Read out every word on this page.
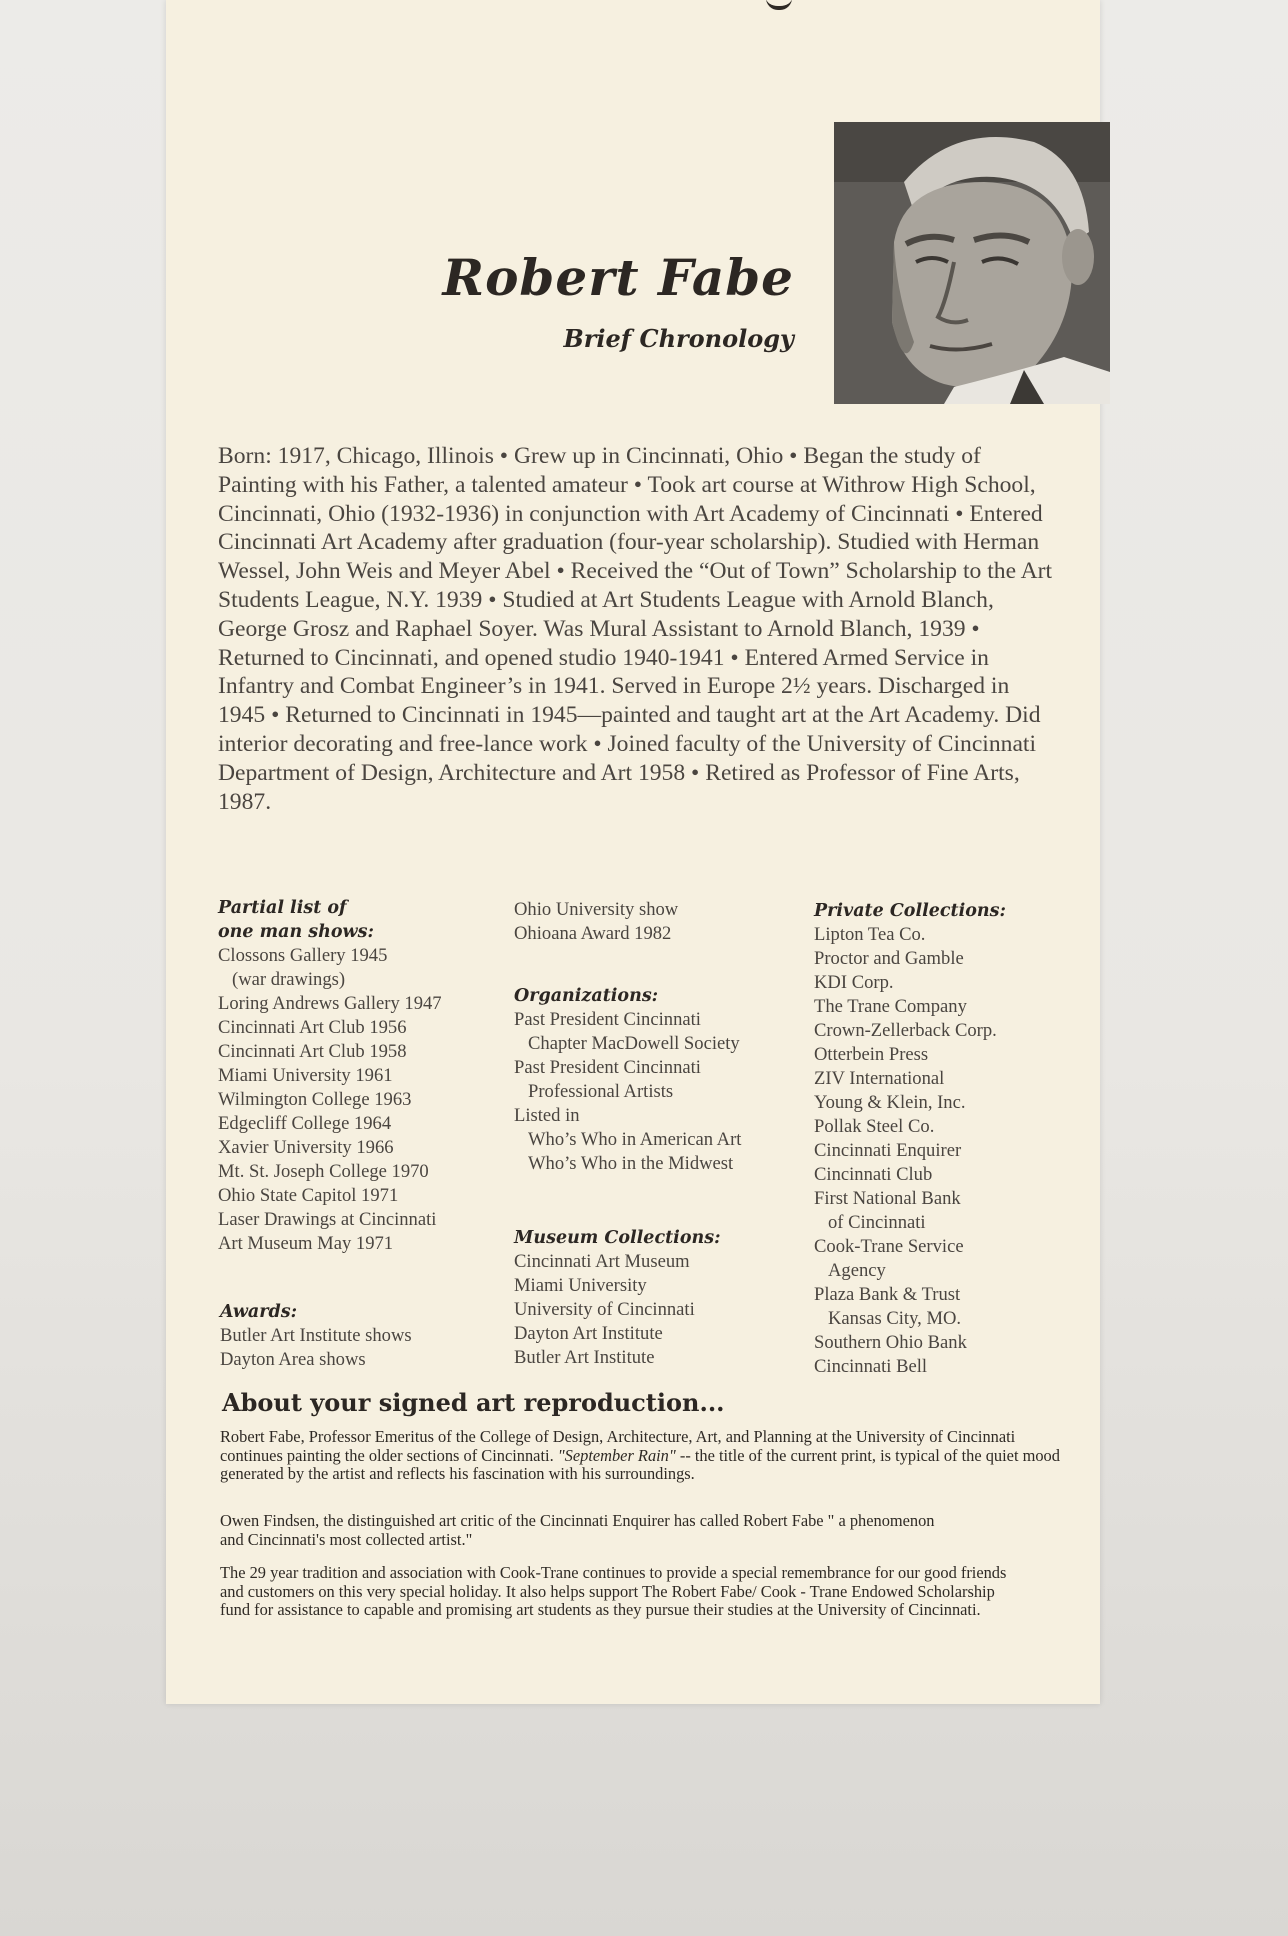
Robert Fabe
Brief Chronology

Born: 1917, Chicago, Illinois • Grew up in Cincinnati, Ohio • Began the study of Painting with his Father, a talented amateur • Took art course at Withrow High School, Cincinnati, Ohio (1932-1936) in conjunction with Art Academy of Cincinnati • Entered Cincinnati Art Academy after graduation (four-year scholarship). Studied with Herman Wessel, John Weis and Meyer Abel • Received the “Out of Town” Scholarship to the Art Students League, N.Y. 1939 • Studied at Art Students League with Arnold Blanch, George Grosz and Raphael Soyer. Was Mural Assistant to Arnold Blanch, 1939 • Returned to Cincinnati, and opened studio 1940-1941 • Entered Armed Service in Infantry and Combat Engineer’s in 1941. Served in Europe 2½ years. Discharged in 1945 • Returned to Cincinnati in 1945—painted and taught art at the Art Academy. Did interior decorating and free-lance work • Joined faculty of the University of Cincinnati Department of Design, Architecture and Art 1958 • Retired as Professor of Fine Arts, 1987.

Partial list of
one man shows:
Clossons Gallery 1945
(war drawings)
Loring Andrews Gallery 1947
Cincinnati Art Club 1956
Cincinnati Art Club 1958
Miami University 1961
Wilmington College 1963
Edgecliff College 1964
Xavier University 1966
Mt. St. Joseph College 1970
Ohio State Capitol 1971
Laser Drawings at Cincinnati
Art Museum May 1971
Awards:
Butler Art Institute shows
Dayton Area shows
Ohio University show
Ohioana Award 1982
Organizations:
Past President Cincinnati
Chapter MacDowell Society
Past President Cincinnati
Professional Artists
Listed in
Who’s Who in American Art
Who’s Who in the Midwest
Museum Collections:
Cincinnati Art Museum
Miami University
University of Cincinnati
Dayton Art Institute
Butler Art Institute
Private Collections:
Lipton Tea Co.
Proctor and Gamble
KDI Corp.
The Trane Company
Crown-Zellerback Corp.
Otterbein Press
ZIV International
Young & Klein, Inc.
Pollak Steel Co.
Cincinnati Enquirer
Cincinnati Club
First National Bank
of Cincinnati
Cook-Trane Service
Agency
Plaza Bank & Trust
Kansas City, MO.
Southern Ohio Bank
Cincinnati Bell
About your signed art reproduction...
Robert Fabe, Professor Emeritus of the College of Design, Architecture, Art, and Planning at the University of Cincinnati continues painting the older sections of Cincinnati. "September Rain" -- the title of the current print, is typical of the quiet mood generated by the artist and reflects his fascination with his surroundings.
Owen Findsen, the distinguished art critic of the Cincinnati Enquirer has called Robert Fabe " a phenomenon and Cincinnati's most collected artist."
The 29 year tradition and association with Cook-Trane continues to provide a special remembrance for our good friends and customers on this very special holiday. It also helps support The Robert Fabe/ Cook - Trane Endowed Scholarship fund for assistance to capable and promising art students as they pursue their studies at the University of Cincinnati.
